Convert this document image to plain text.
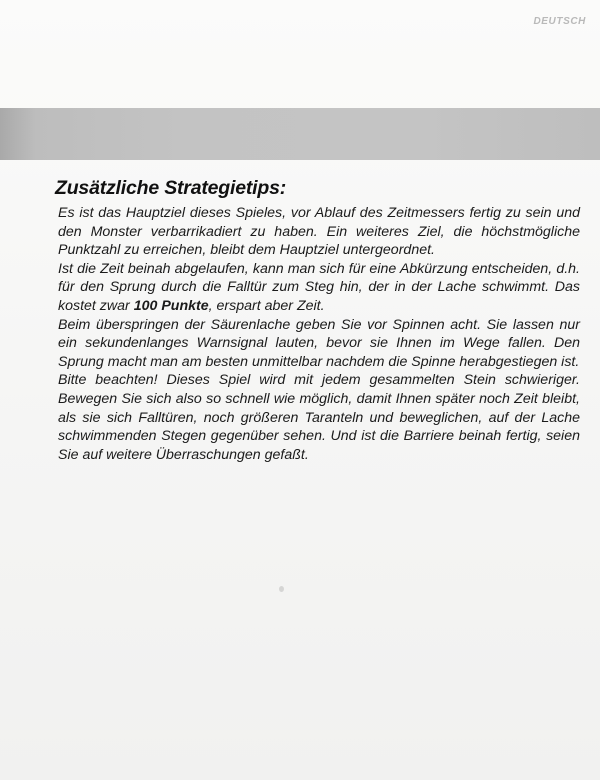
DEUTSCH
Zusätzliche Strategietips:

Es ist das Hauptziel dieses Spieles, vor Ablauf des Zeitmessers fertig zu sein und den Monster verbarrikadiert zu haben. Ein weiteres Ziel, die höchstmögliche Punktzahl zu erreichen, bleibt dem Hauptziel untergeordnet.

Ist die Zeit beinah abgelaufen, kann man sich für eine Abkürzung entscheiden, d.h. für den Sprung durch die Falltür zum Steg hin, der in der Lache schwimmt. Das kostet zwar 100 Punkte, erspart aber Zeit.

Beim überspringen der Säurenlache geben Sie vor Spinnen acht. Sie lassen nur ein sekundenlanges Warnsignal lauten, bevor sie Ihnen im Wege fallen. Den Sprung macht man am besten unmittelbar nachdem die Spinne herabgestiegen ist.

Bitte beachten! Dieses Spiel wird mit jedem gesammelten Stein schwieriger. Bewegen Sie sich also so schnell wie möglich, damit Ihnen später noch Zeit bleibt, als sie sich Falltüren, noch größeren Taranteln und beweglichen, auf der Lache schwimmenden Stegen gegenüber sehen. Und ist die Barriere beinah fertig, seien Sie auf weitere Überraschungen gefaßt.
